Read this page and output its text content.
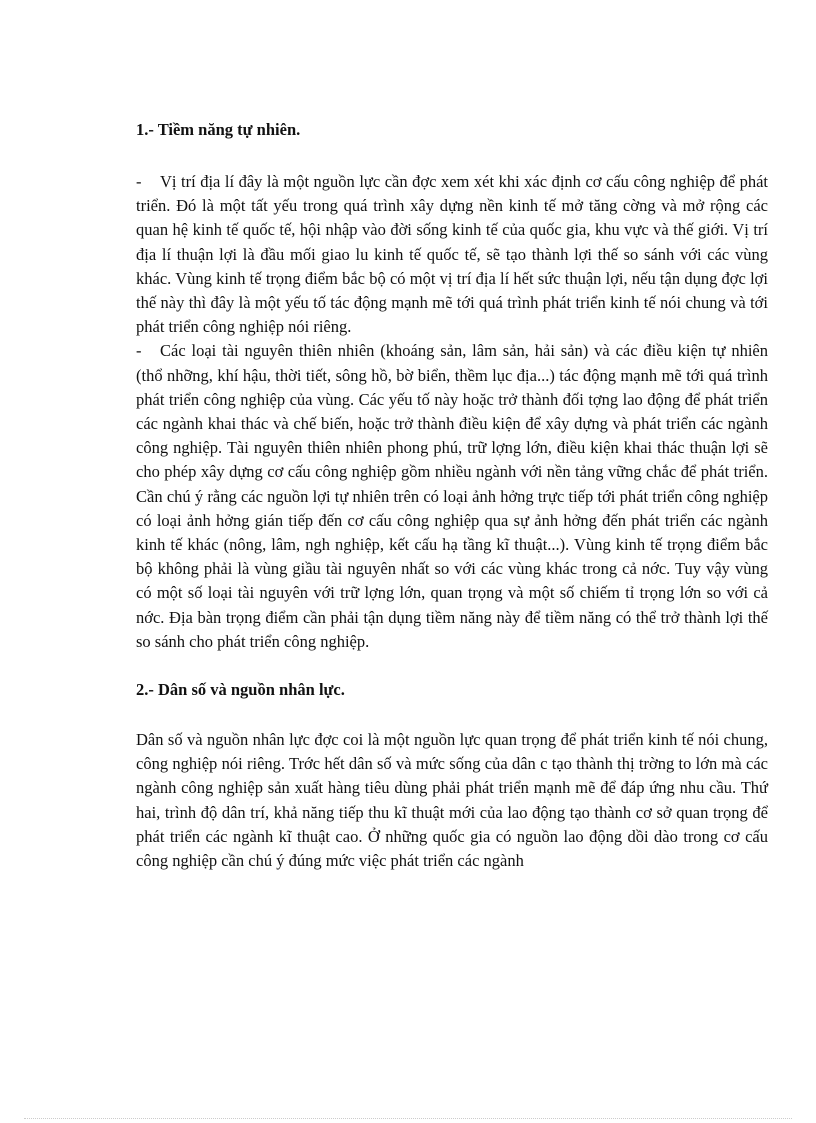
1.- Tiềm năng tự nhiên.

- Vị trí địa lí đây là một nguồn lực cần đợc xem xét khi xác định cơ cấu công nghiệp để phát triển. Đó là một tất yếu trong quá trình xây dựng nền kinh tế mở tăng cờng và mở rộng các quan hệ kinh tế quốc tế, hội nhập vào đời sống kinh tế của quốc gia, khu vực và thế giới. Vị trí địa lí thuận lợi là đầu mối giao lu kinh tế quốc tế, sẽ tạo thành lợi thế so sánh với các vùng khác. Vùng kinh tế trọng điểm bắc bộ có một vị trí địa lí hết sức thuận lợi, nếu tận dụng đợc lợi thế này thì đây là một yếu tố tác động mạnh mẽ tới quá trình phát triển kinh tế nói chung và tới phát triển công nghiệp nói riêng.

- Các loại tài nguyên thiên nhiên (khoáng sản, lâm sản, hải sản) và các điều kiện tự nhiên (thổ nhỡng, khí hậu, thời tiết, sông hồ, bờ biển, thềm lục địa...) tác động mạnh mẽ tới quá trình phát triển công nghiệp của vùng. Các yếu tố này hoặc trở thành đối tợng lao động để phát triển các ngành khai thác và chế biến, hoặc trở thành điều kiện để xây dựng và phát triển các ngành công nghiệp. Tài nguyên thiên nhiên phong phú, trữ lợng lớn, điều kiện khai thác thuận lợi sẽ cho phép xây dựng cơ cấu công nghiệp gồm nhiều ngành với nền tảng vững chắc để phát triển. Cần chú ý rằng các nguồn lợi tự nhiên trên có loại ảnh hởng trực tiếp tới phát triển công nghiệp có loại ảnh hởng gián tiếp đến cơ cấu công nghiệp qua sự ảnh hởng đến phát triển các ngành kinh tế khác (nông, lâm, ngh nghiệp, kết cấu hạ tầng kĩ thuật...). Vùng kinh tế trọng điểm bắc bộ không phải là vùng giầu tài nguyên nhất so với các vùng khác trong cả nớc. Tuy vậy vùng có một số loại tài nguyên với trữ lợng lớn, quan trọng và một số chiếm tỉ trọng lớn so với cả nớc. Địa bàn trọng điểm cần phải tận dụng tiềm năng này để tiềm năng có thể trở thành lợi thế so sánh cho phát triển công nghiệp.

2.- Dân số và nguồn nhân lực.

Dân số và nguồn nhân lực đợc coi là một nguồn lực quan trọng để phát triển kinh tế nói chung, công nghiệp nói riêng. Trớc hết dân số và mức sống của dân c tạo thành thị trờng to lớn mà các ngành công nghiệp sản xuất hàng tiêu dùng phải phát triển mạnh mẽ để đáp ứng nhu cầu. Thứ hai, trình độ dân trí, khả năng tiếp thu kĩ thuật mới của lao động tạo thành cơ sở quan trọng để phát triển các ngành kĩ thuật cao. Ở những quốc gia có nguồn lao động dồi dào trong cơ cấu công nghiệp cần chú ý đúng mức việc phát triển các ngành
